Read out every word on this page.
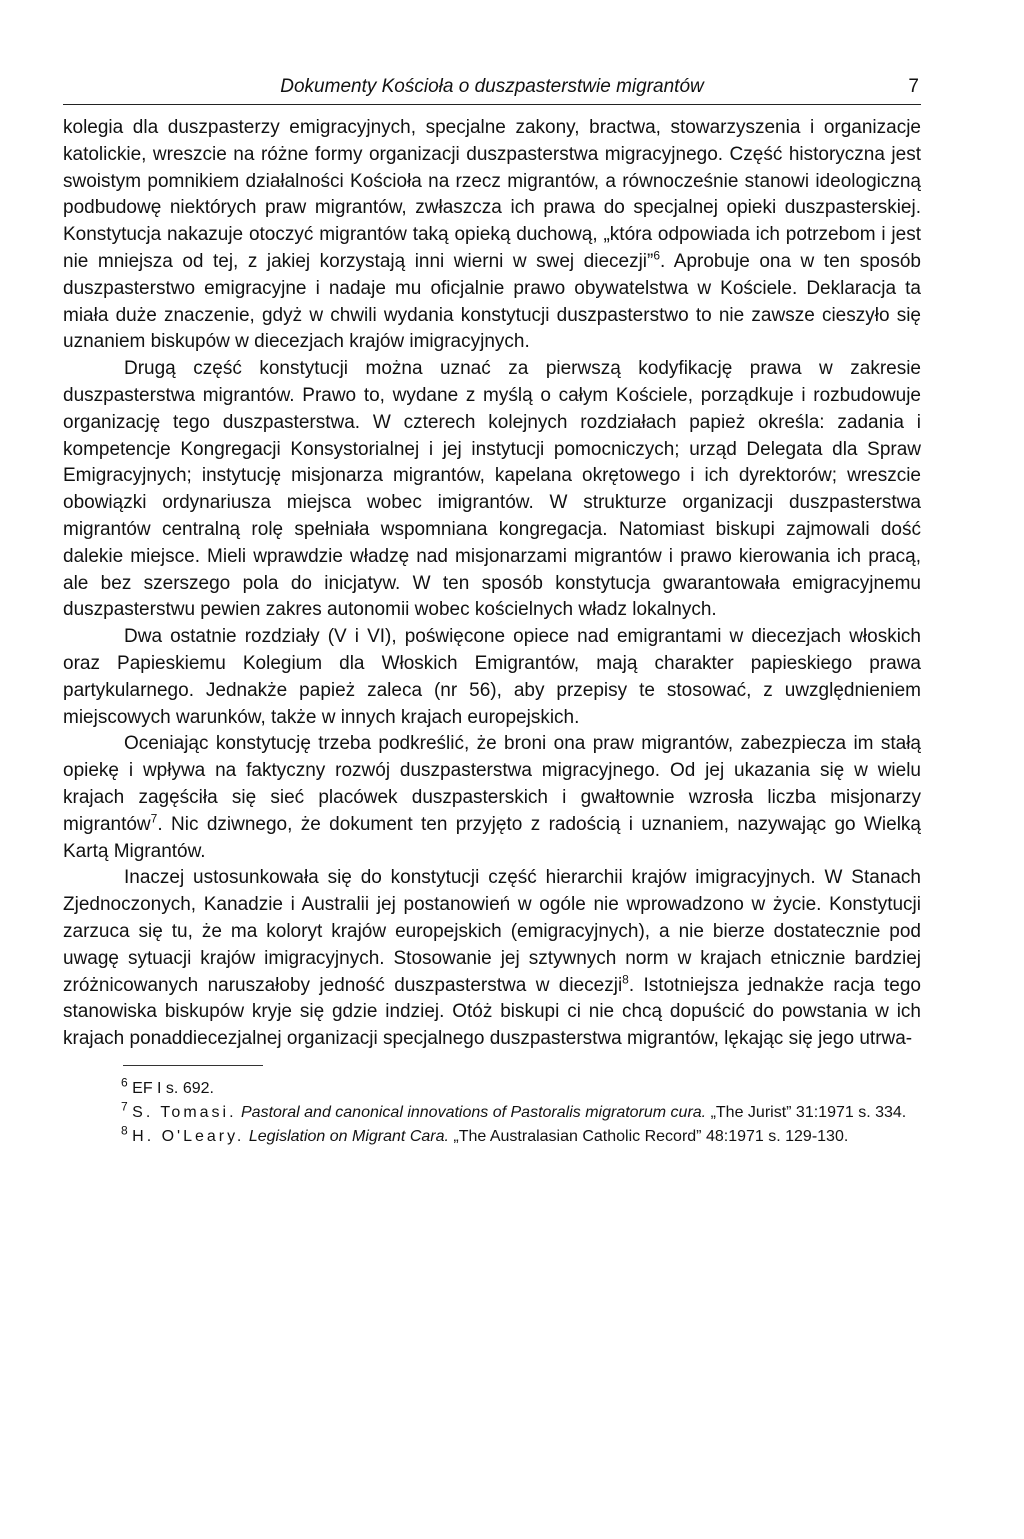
Dokumenty Kościoła o duszpasterstwie migrantów	7

kolegia dla duszpasterzy emigracyjnych, specjalne zakony, bractwa, stowarzyszenia i organizacje katolickie, wreszcie na różne formy organizacji duszpasterstwa migracyjnego. Część historyczna jest swoistym pomnikiem działalności Kościoła na rzecz migrantów, a równocześnie stanowi ideologiczną podbudowę niektórych praw migrantów, zwłaszcza ich prawa do specjalnej opieki duszpasterskiej. Konstytucja nakazuje otoczyć migrantów taką opieką duchową, „która odpowiada ich potrzebom i jest nie mniejsza od tej, z jakiej korzystają inni wierni w swej diecezji”$^6$. Aprobuje ona w ten sposób duszpasterstwo emigracyjne i nadaje mu oficjalnie prawo obywatelstwa w Kościele. Deklaracja ta miała duże znaczenie, gdyż w chwili wydania konstytucji duszpasterstwo to nie zawsze cieszyło się uznaniem biskupów w diecezjach krajów imigracyjnych.

Drugą część konstytucji można uznać za pierwszą kodyfikację prawa w zakresie duszpasterstwa migrantów. Prawo to, wydane z myślą o całym Kościele, porządkuje i rozbudowuje organizację tego duszpasterstwa. W czterech kolejnych rozdziałach papież określa: zadania i kompetencje Kongregacji Konsystorialnej i jej instytucji pomocniczych; urząd Delegata dla Spraw Emigracyjnych; instytucję misjonarza migrantów, kapelana okrętowego i ich dyrektorów; wreszcie obowiązki ordynariusza miejsca wobec imigrantów. W strukturze organizacji duszpasterstwa migrantów centralną rolę spełniała wspomniana kongregacja. Natomiast biskupi zajmowali dość dalekie miejsce. Mieli wprawdzie władzę nad misjonarzami migrantów i prawo kierowania ich pracą, ale bez szerszego pola do inicjatyw. W ten sposób konstytucja gwarantowała emigracyjnemu duszpasterstwu pewien zakres autonomii wobec kościelnych władz lokalnych.

Dwa ostatnie rozdziały (V i VI), poświęcone opiece nad emigrantami w diecezjach włoskich oraz Papieskiemu Kolegium dla Włoskich Emigrantów, mają charakter papieskiego prawa partykularnego. Jednakże papież zaleca (nr 56), aby przepisy te stosować, z uwzględnieniem miejscowych warunków, także w innych krajach europejskich.

Oceniając konstytucję trzeba podkreślić, że broni ona praw migrantów, zabezpiecza im stałą opiekę i wpływa na faktyczny rozwój duszpasterstwa migracyjnego. Od jej ukazania się w wielu krajach zagęściła się sieć placówek duszpasterskich i gwałtownie wzrosła liczba misjonarzy migrantów$^7$. Nic dziwnego, że dokument ten przyjęto z radością i uznaniem, nazywając go Wielką Kartą Migrantów.

Inaczej ustosunkowała się do konstytucji część hierarchii krajów imigracyjnych. W Stanach Zjednoczonych, Kanadzie i Australii jej postanowień w ogóle nie wprowadzono w życie. Konstytucji zarzuca się tu, że ma koloryt krajów europejskich (emigracyjnych), a nie bierze dostatecznie pod uwagę sytuacji krajów imigracyjnych. Stosowanie jej sztywnych norm w krajach etnicznie bardziej zróżnicowanych naruszałoby jedność duszpasterstwa w diecezji$^8$. Istotniejsza jednakże racja tego stanowiska biskupów kryje się gdzie indziej. Otóż biskupi ci nie chcą dopuścić do powstania w ich krajach ponaddiecezjalnej organizacji specjalnego duszpasterstwa migrantów, lękając się jego utrwa-

$^6$ EF I s. 692.

$^7$ S. Tomasi. Pastoral and canonical innovations of Pastoralis migratorum cura. „The Jurist” 31:1971 s. 334.

$^8$ H. O'Leary. Legislation on Migrant Cara. „The Australasian Catholic Record” 48:1971 s. 129-130.
